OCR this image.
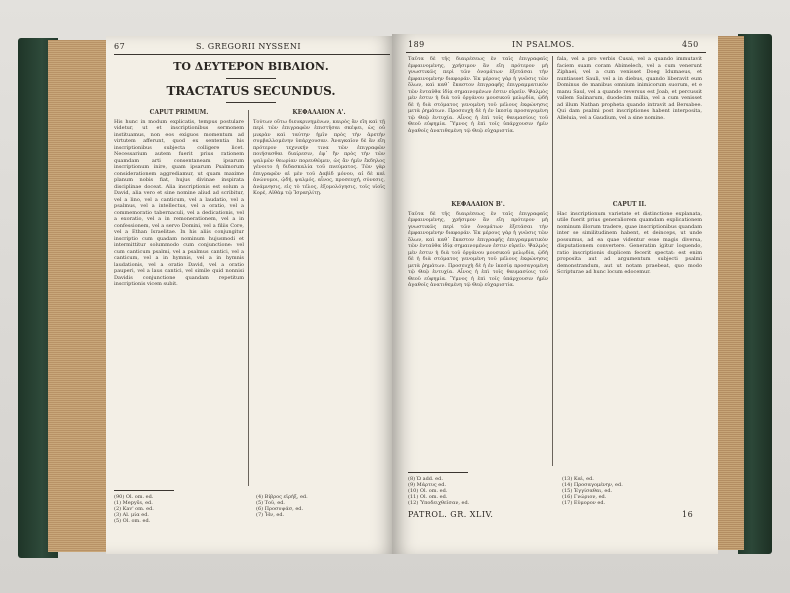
67	S. GREGORII NYSSENI
ΤΟ ΔΕΥΤΕΡΟΝ ΒΙΒΛΙΟΝ.
TRACTATUS SECUNDUS.
CAPUT PRIMUM.
His hunc in modum explicatis, tempus postulare videtur, ut et inscriptionibus sermonem instituamus, non eos exiguos momentum ad virtutem afferunt, quod ex sententia his inscriptionibus subjecta colligere licet. Necessarium autem fuerit prius rationem quamdam arti consentaneam ipsarum inscriptionum inire, quam ipsarum Psalmorum considerationem aggrediamur, ut quam maxime planum nobis fiat, hujus divinae inspirata disciplinae doceat. Alia inscriptionis est solum a David, alia vero et sine nomine aliud ad scribitur, vel a lino, vel a canticum, vel a laudatio, vel a psalmus, vel a intellectus, vel a oratio, vel a commemoratio tabernaculi, vel a dedicationis, vel a exoratio, vel a in remonerationem, vel a in confessionem, vel a servo Domini, vel a filiis Core, vel a Ethan Israelitae. In his aliis conjungitur inscriptio cum quadam nominum hujusmodi et intermittitur solummodo cum conjunctione: vel cum canticum psalmi, vel a psalmus cantici, vel a canticum, vel a in hymnis, vel a in hymnis laudationis, vel a oratio David, vel a oratio pauperi, vel a laus cantici, vel simile quid nonnisi Davidis conjunctione quandam repetitum inscriptionis vicem subit.
ΚΕΦΑΛΑΙΟΝ Α'.
Τούτων οὕτω διευκρινημένων, καιρὸς ἂν εἴη καὶ τῇ περὶ τῶν ἐπιγραφῶν ἐπιστῆσαι σκέψει, ὡς οὐ μικρὰν καὶ ταύτην ἡμῖν πρὸς τὴν ἀρετὴν συμβαλλομένην ὑπάρχουσαν. Ἀναγκαῖον δὲ ἂν εἴη πρότερον τεχνικήν τινα τῶν ἐπιγραφῶν ποιήσασθαι διαίρεσιν, ἐφ᾽ ἣν πρὸς τὴν τῶν ψαλμῶν θεωρίαν πορευθῶμεν, ὡς ἂν ἡμῖν ἔκδηλος γένοιτο ἡ διδασκαλία τοῦ πνεύματος. Τῶν γὰρ ἐπιγραφῶν αἱ μὲν τοῦ Δαβὶδ μόνου, αἱ δὲ καὶ ἀνώνυμοι, ᾠδή, ψαλμός, αἶνος, προσευχή, σύνεσις, ἀνάμνησις, εἰς τὸ τέλος, ἐξομολόγησις, τοῖς υἱοῖς Κορέ, Αἰθὰμ τῷ Ἰσραηλίτῃ.
(90) Ol. om. ed.
(1) Mepyšs, ed.
(2) Kav' om. ed.
(3) Al. μία ed.
(5) Ol. om. ed.
(4) Βίβρος εἰρήξ, ed.
(5) Τοῦ, ed.
(6) Προσυψάσ, ed.
(7) Ἦν, ed.
189	IN PSALMOS.	450
Ταῦτα δὲ τῆς διαιρέσεως ἐν ταῖς ἐπιγραφαῖς ἐμφαινομένης, χρήσιμον ἂν εἴη πρότερον μὴ γνωστικῶς περὶ τῶν ὀνομάτων ἐξετάσαι τὴν ἐμφαινομένην διαφοράν. Ἐκ μέρους γὰρ ἡ γνῶσις τῶν ὅλων, καὶ καθ᾽ ἕκαστον ἐπιγραφῆς ἐπιγραμματικὸν τῶν ἐνταῦθα ἰδίᾳ σημαινομένων ἐστιν εὑρεῖν. Ψαλμὸς μέν ἐστιν ἡ διὰ τοῦ ὀργάνου μουσικοῦ μελῳδία, ᾠδὴ δὲ ἡ διὰ στόματος γενομένη τοῦ μέλους ἐκφώνησις μετὰ ῥημάτων. Προσευχὴ δὲ ἡ ἐν ἱκεσίᾳ προσαγομένη τῷ Θεῷ ἐντυχία. Αἶνος ἡ ἐπὶ τοῖς θαυμασίοις τοῦ Θεοῦ εὐφημία. Ὕμνος ἡ ἐπὶ τοῖς ὑπάρχουσιν ἡμῖν ἀγαθοῖς ἀνατιθεμένη τῷ Θεῷ εὐχαριστία.
ΚΕΦΑΛΑΙΟΝ Β'.
Ταῦτα δὲ τῆς διαιρέσεως ἐν ταῖς ἐπιγραφαῖς ἐμφαινομένης, χρήσιμον ἂν εἴη πρότερον μὴ γνωστικῶς περὶ τῶν ὀνομάτων ἐξετάσαι τὴν ἐμφαινομένην διαφοράν. Ἐκ μέρους γὰρ ἡ γνῶσις τῶν ὅλων, καὶ καθ᾽ ἕκαστον ἐπιγραφῆς ἐπιγραμματικὸν τῶν ἐνταῦθα ἰδίᾳ σημαινομένων ἐστιν εὑρεῖν. Ψαλμὸς μέν ἐστιν ἡ διὰ τοῦ ὀργάνου μουσικοῦ μελῳδία, ᾠδὴ δὲ ἡ διὰ στόματος γενομένη τοῦ μέλους ἐκφώνησις μετὰ ῥημάτων. Προσευχὴ δὲ ἡ ἐν ἱκεσίᾳ προσαγομένη τῷ Θεῷ ἐντυχία. Αἶνος ἡ ἐπὶ τοῖς θαυμασίοις τοῦ Θεοῦ εὐφημία. Ὕμνος ἡ ἐπὶ τοῖς ὑπάρχουσιν ἡμῖν ἀγαθοῖς ἀνατιθεμένη τῷ Θεῷ εὐχαριστία.
fala, vel a pro verbis Cusai, vel a quando immutavit faciem suam coram Abimelech, vel a cum venerunt Ziphaei, vel a cum venisset Doeg Idumaeus, et nuntiasset Sauli, vel a in diebus, quando liberavit eum Dominus de manibus omnium inimicorum suorum, et e manu Saul, vel a quando reversus est Joab, et percussit vallem Salinarum, duodecim millia, vel a cum venisset ad illum Nathan propheta quando intravit ad Bersabee. Qui dam psalmi post inscriptiones habent interposita, Alleluia, vel a Gaudium, vel a sine nomine.
CAPUT II.
Hac inscriptionum varietate et distinctione explanata, utile fuerit prius generaliorem quamdam explicationem nominum illorum tradere, quae inscriptionibus quandam inter se similitudinem habent, et deinceps, ut unde possumus, ad ea quae videntur esse magis diversa, disputationem convertere. Generatim igitur loquendo, ratio inscriptionis duplicem fecerit spectat: est enim proposita aut ad argumentum subjecti psalmi demonstrandum, aut ut notam praebeat, quo modo Scripturae ad hunc locum edocemur.
(8) Ὡ add. ed.
(9) Μάρτυς ed.
(10) Ol. om. ed.
(11) Ol. om. ed.
(12) Ὑποδειχθεῖσαν, ed.
(13) Καὶ, ed.
(14) Προσαγομένην, ed.
(15) Ἐγγίσαθαι, ed.
(16) Γνώριον, ed.
(17) Εὐμορον ed.
PATROL. GR. XLIV.	16
